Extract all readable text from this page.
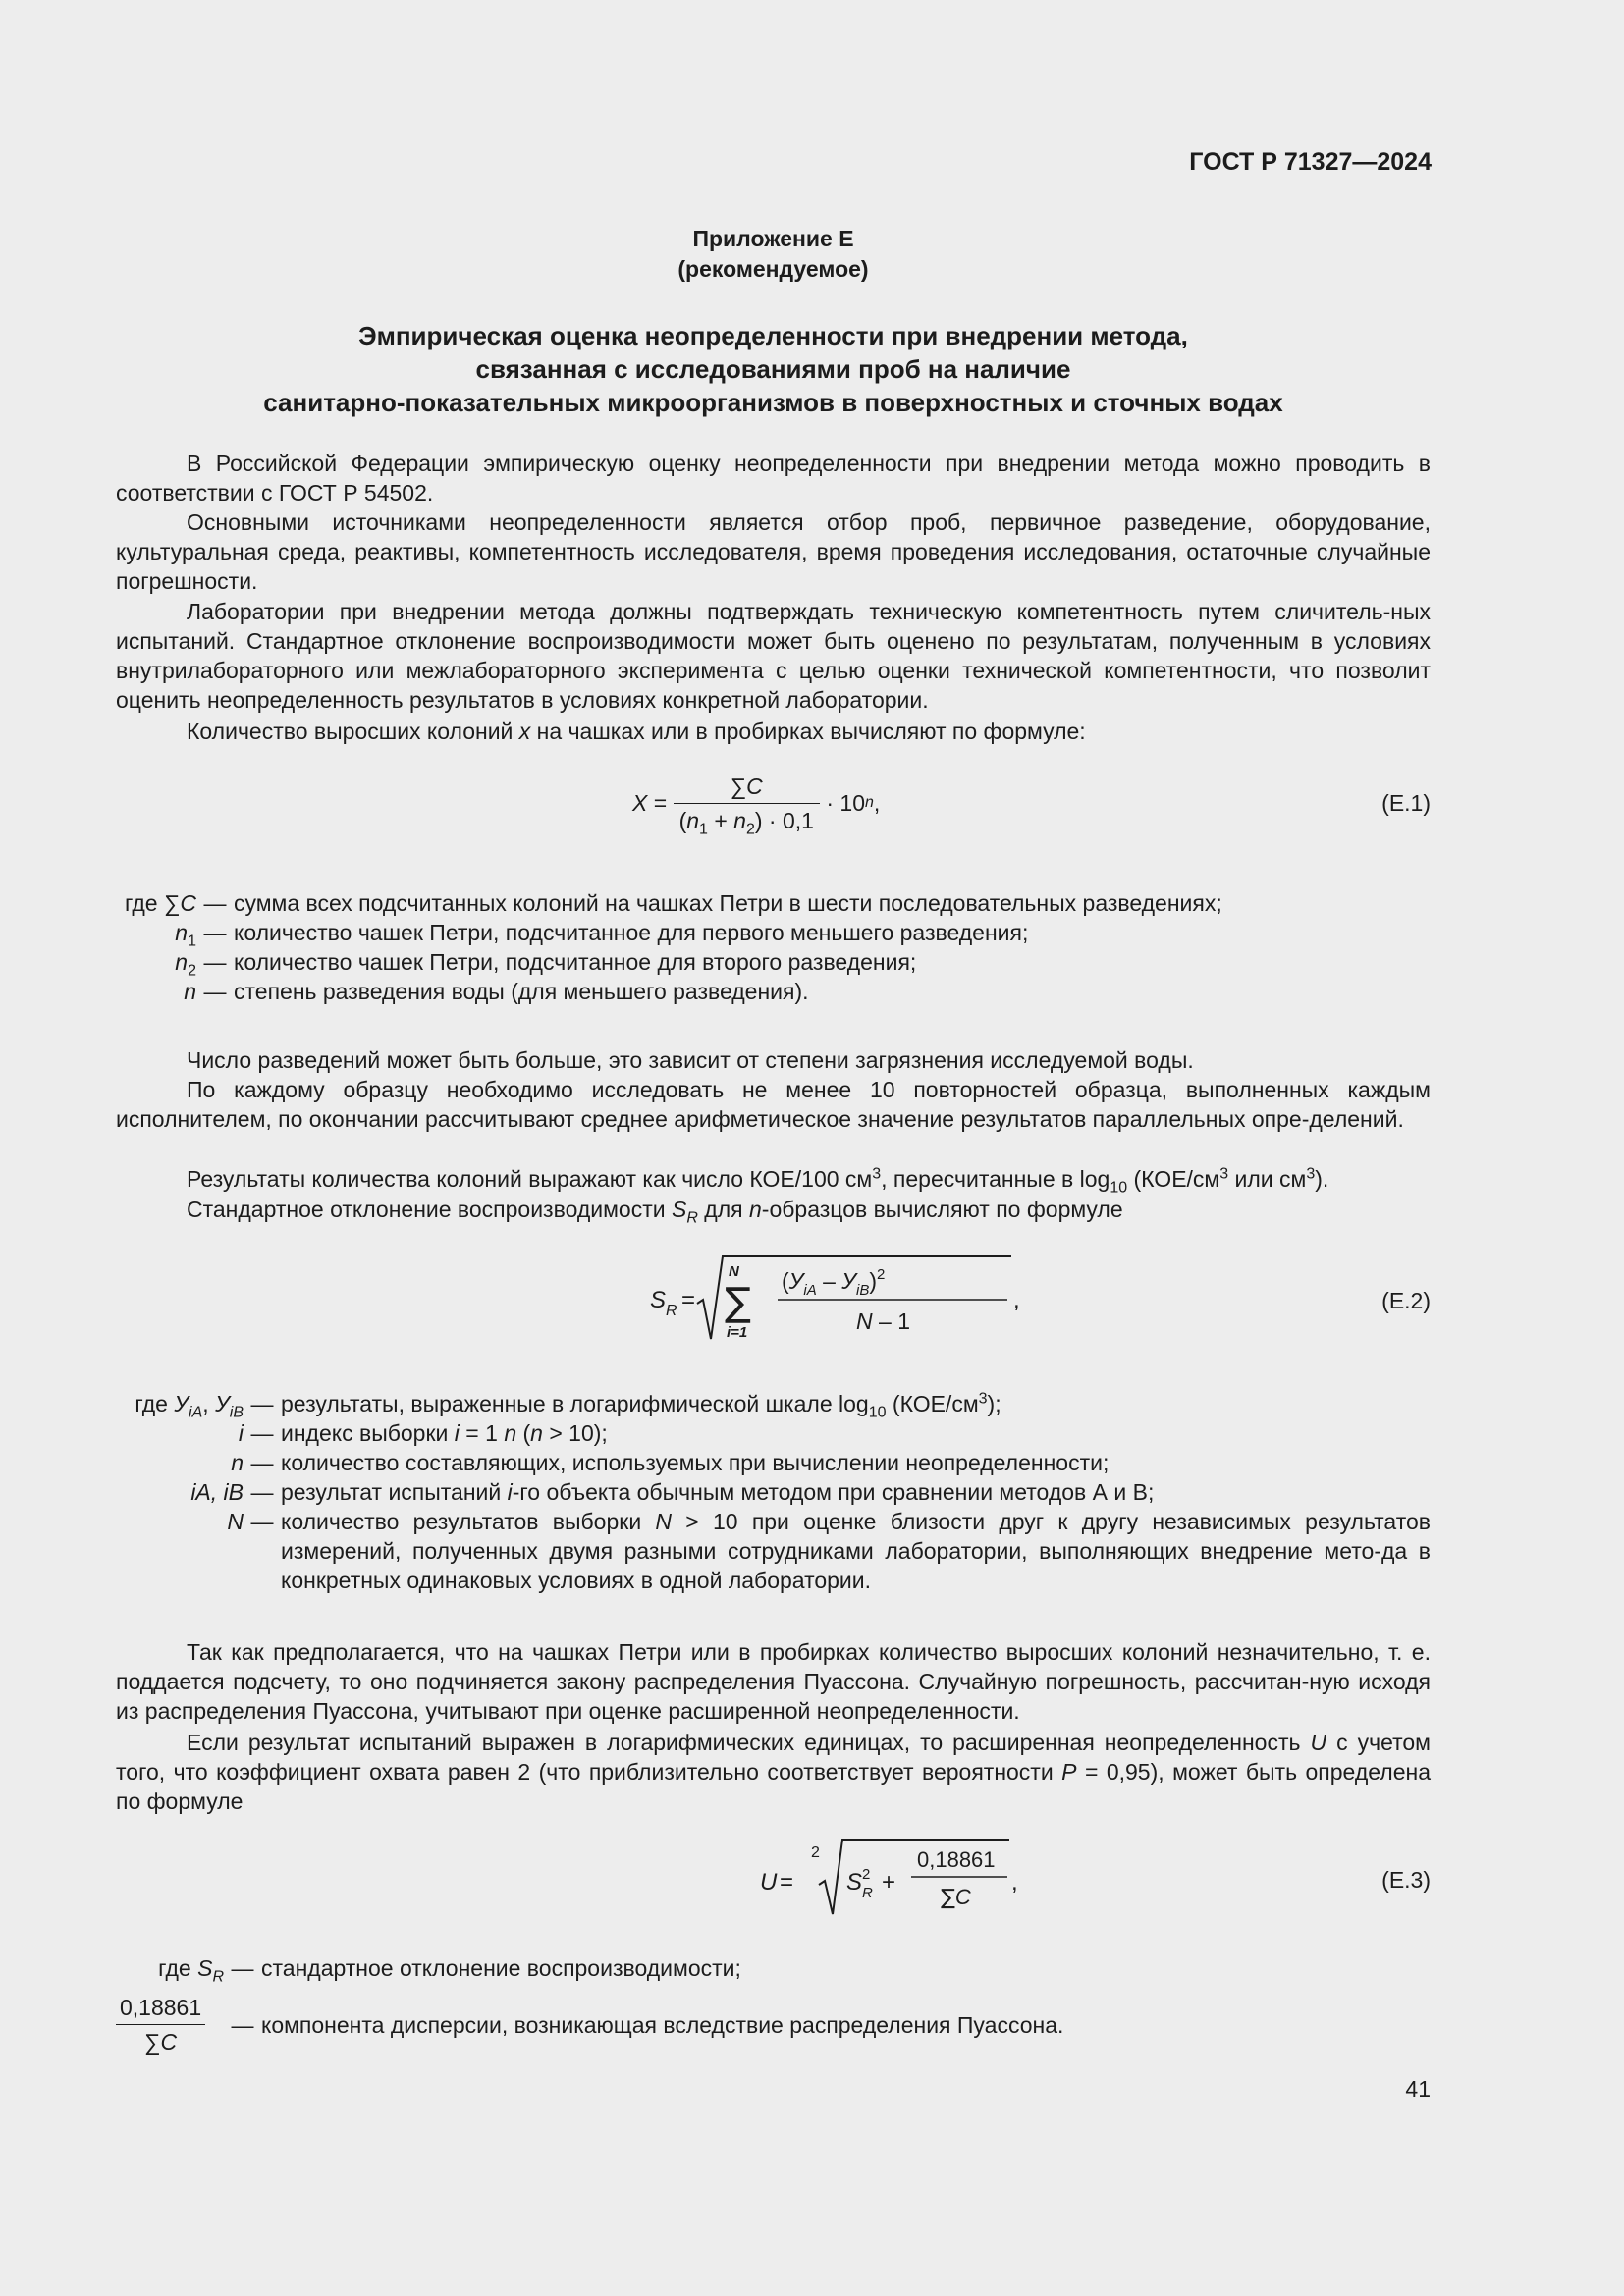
ГОСТ Р 71327—2024
Приложение Е
(рекомендуемое)
Эмпирическая оценка неопределенности при внедрении метода,
связанная с исследованиями проб на наличие
санитарно-показательных микроорганизмов в поверхностных и сточных водах
В Российской Федерации эмпирическую оценку неопределенности при внедрении метода можно проводить в соответствии с ГОСТ Р 54502.
Основными источниками неопределенности является отбор проб, первичное разведение, оборудование, культуральная среда, реактивы, компетентность исследователя, время проведения исследования, остаточные случайные погрешности.
Лаборатории при внедрении метода должны подтверждать техническую компетентность путем сличитель-ных испытаний. Стандартное отклонение воспроизводимости может быть оценено по результатам, полученным в условиях внутрилабораторного или межлабораторного эксперимента с целью оценки технической компетентности, что позволит оценить неопределенность результатов в условиях конкретной лаборатории.
Количество выросших колоний x на чашках или в пробирках вычисляют по формуле:
$X = \frac{\sum C}{(n_1 + n_2) \cdot 0,1} \cdot 10$ n ,	(Е.1)
где ∑C — сумма всех подсчитанных колоний на чашках Петри в шести последовательных разведениях;
$n_1$ — количество чашек Петри, подсчитанное для первого меньшего разведения;
$n_2$ — количество чашек Петри, подсчитанное для второго разведения;
n — степень разведения воды (для меньшего разведения).
Число разведений может быть больше, это зависит от степени загрязнения исследуемой воды.
По каждому образцу необходимо исследовать не менее 10 повторностей образца, выполненных каждым исполнителем, по окончании рассчитывают среднее арифметическое значение результатов параллельных опре-делений.
Результаты количества колоний выражают как число КОЕ/100 $см^3$, пересчитанные в $\log_{10} (КОЕ/см^3$ или $см^3$).
Стандартное отклонение воспроизводимости $S_R$ для n-образцов вычисляют по формуле
S R =
N
∑
i=1
$(У_{iA} - У_{iB})^2$
N – 1
,	(Е.2)
где $У_{iA}$, $У_{iB}$ — результаты, выраженные в логарифмической шкале $\log_{10} (КОЕ/см^3)$;
i — индекс выборки i = 1 n (n > 10);
n — количество составляющих, используемых при вычислении неопределенности;
iA, iB — результат испытаний i-го объекта обычным методом при сравнении методов А и В;
N — количество результатов выборки N > 10 при оценке близости друг к другу независимых результатов измерений, полученных двумя разными сотрудниками лаборатории, выполняющих внедрение мето-да в конкретных одинаковых условиях в одной лаборатории.
Так как предполагается, что на чашках Петри или в пробирках количество выросших колоний незначительно, т. е. поддается подсчету, то оно подчиняется закону распределения Пуассона. Случайную погрешность, рассчитан-ную исходя из распределения Пуассона, учитывают при оценке расширенной неопределенности.
Если результат испытаний выражен в логарифмических единицах, то расширенная неопределенность U с учетом того, что коэффициент охвата равен 2 (что приблизительно соответствует вероятности P = 0,95), может быть определена по формуле
U =
2
S 2
R +
0,18861
∑C
,	(Е.3)
где $S_R$ — стандартное отклонение воспроизводимости;
$\frac{0,18861}{\sum C}$	— компонента дисперсии, возникающая вследствие распределения Пуассона.
41
